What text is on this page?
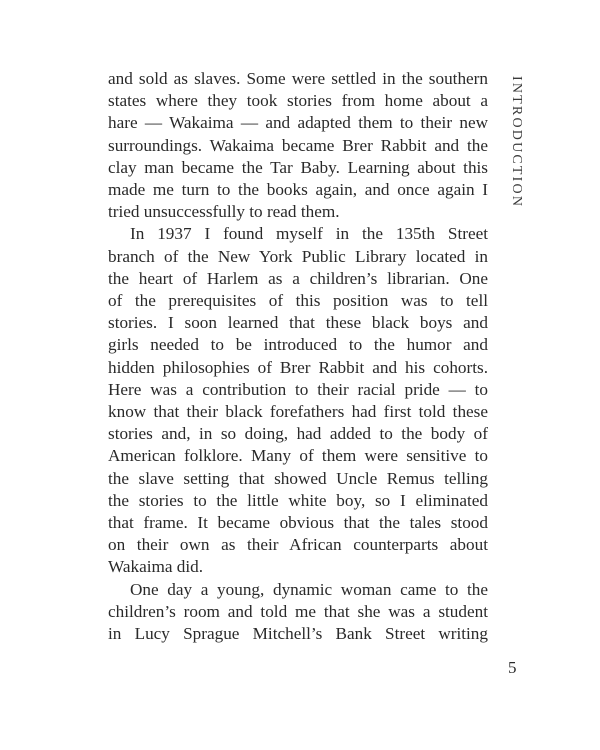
INTRODUCTION
and sold as slaves. Some were settled in the southern
states where they took stories from home about a
hare — Wakaima — and adapted them to their new
surroundings. Wakaima became Brer Rabbit and the
clay man became the Tar Baby. Learning about this
made me turn to the books again, and once again I
tried unsuccessfully to read them.
In 1937 I found myself in the 135th Street
branch of the New York Public Library located in
the heart of Harlem as a children’s librarian. One
of the prerequisites of this position was to tell
stories. I soon learned that these black boys and
girls needed to be introduced to the humor and
hidden philosophies of Brer Rabbit and his cohorts.
Here was a contribution to their racial pride — to
know that their black forefathers had first told these
stories and, in so doing, had added to the body of
American folklore. Many of them were sensitive to
the slave setting that showed Uncle Remus telling
the stories to the little white boy, so I eliminated
that frame. It became obvious that the tales stood
on their own as their African counterparts about
Wakaima did.
One day a young, dynamic woman came to the
children’s room and told me that she was a student
in Lucy Sprague Mitchell’s Bank Street writing
5
